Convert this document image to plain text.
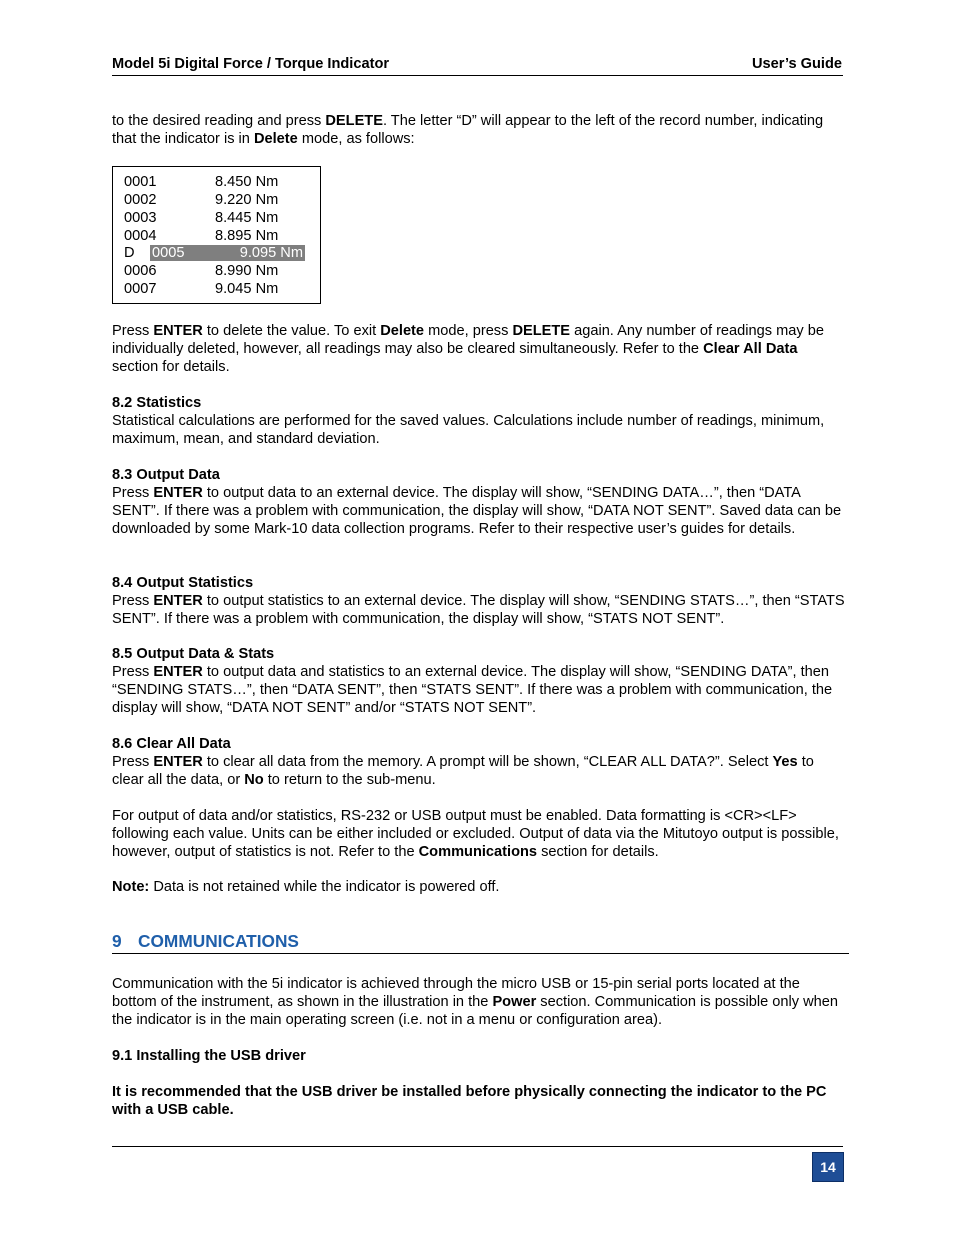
Model 5i Digital Force / Torque Indicator	User’s Guide

to the desired reading and press DELETE. The letter “D” will appear to the left of the record number, indicating that the indicator is in Delete mode, as follows:

0001	8.450 Nm
0002	9.220 Nm
0003	8.445 Nm
0004	8.895 Nm
D 0005	9.095 Nm
0006	8.990 Nm
0007	9.045 Nm

Press ENTER to delete the value. To exit Delete mode, press DELETE again. Any number of readings may be individually deleted, however, all readings may also be cleared simultaneously. Refer to the Clear All Data section for details.

8.2 Statistics

Statistical calculations are performed for the saved values. Calculations include number of readings, minimum, maximum, mean, and standard deviation.

8.3 Output Data

Press ENTER to output data to an external device. The display will show, “SENDING DATA…”, then “DATA SENT”. If there was a problem with communication, the display will show, “DATA NOT SENT”. Saved data can be downloaded by some Mark-10 data collection programs. Refer to their respective user’s guides for details.

8.4 Output Statistics

Press ENTER to output statistics to an external device. The display will show, “SENDING STATS…”, then “STATS SENT”. If there was a problem with communication, the display will show, “STATS NOT SENT”.

8.5 Output Data & Stats

Press ENTER to output data and statistics to an external device. The display will show, “SENDING DATA”, then “SENDING STATS…”, then “DATA SENT”, then “STATS SENT”. If there was a problem with communication, the display will show, “DATA NOT SENT” and/or “STATS NOT SENT”.

8.6 Clear All Data

Press ENTER to clear all data from the memory. A prompt will be shown, “CLEAR ALL DATA?”. Select Yes to clear all the data, or No to return to the sub-menu.

For output of data and/or statistics, RS-232 or USB output must be enabled. Data formatting is <CR><LF> following each value. Units can be either included or excluded. Output of data via the Mitutoyo output is possible, however, output of statistics is not. Refer to the Communications section for details.

Note: Data is not retained while the indicator is powered off.

9 COMMUNICATIONS

Communication with the 5i indicator is achieved through the micro USB or 15-pin serial ports located at the bottom of the instrument, as shown in the illustration in the Power section. Communication is possible only when the indicator is in the main operating screen (i.e. not in a menu or configuration area).

9.1 Installing the USB driver

It is recommended that the USB driver be installed before physically connecting the indicator to the PC with a USB cable.

14
